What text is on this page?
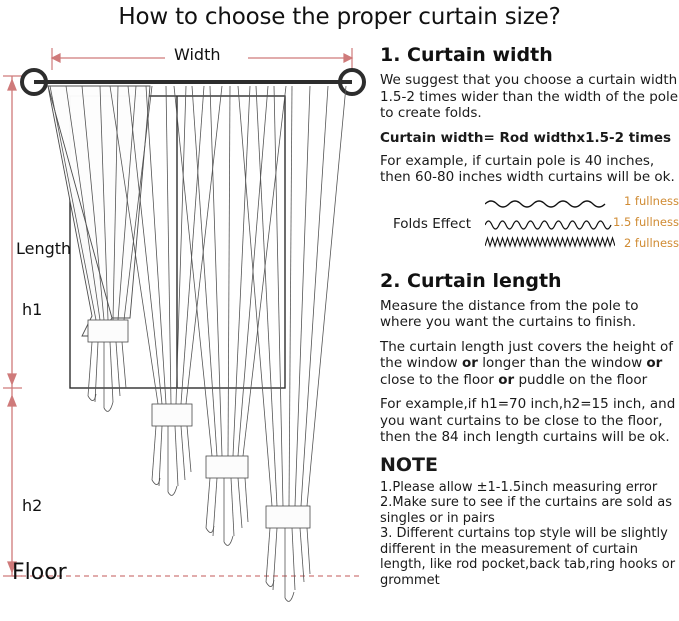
How to choose the proper curtain size?
Width
Length
h1
h2
Floor
1. Curtain width

We suggest that you choose a curtain width 1.5-2 times wider than the width of the pole to create folds.

Curtain width= Rod widthx1.5-2 times

For example, if curtain pole is 40 inches, then 60-80 inches width curtains will be ok.

Folds Effect
1 fullness
1.5 fullness
2 fullness
2. Curtain length

Measure the distance from the pole to where you want the curtains to finish.

The curtain length just covers the height of the window or longer than the window or close to the floor or puddle on the floor

For example,if h1=70 inch,h2=15 inch, and you want curtains to be close to the floor, then the 84 inch length curtains will be ok.

NOTE

1.Please allow ±1-1.5inch measuring error

2.Make sure to see if the curtains are sold as singles or in pairs

3. Different curtains top style will be slightly different in the measurement of curtain length, like rod pocket,back tab,ring hooks or grommet
